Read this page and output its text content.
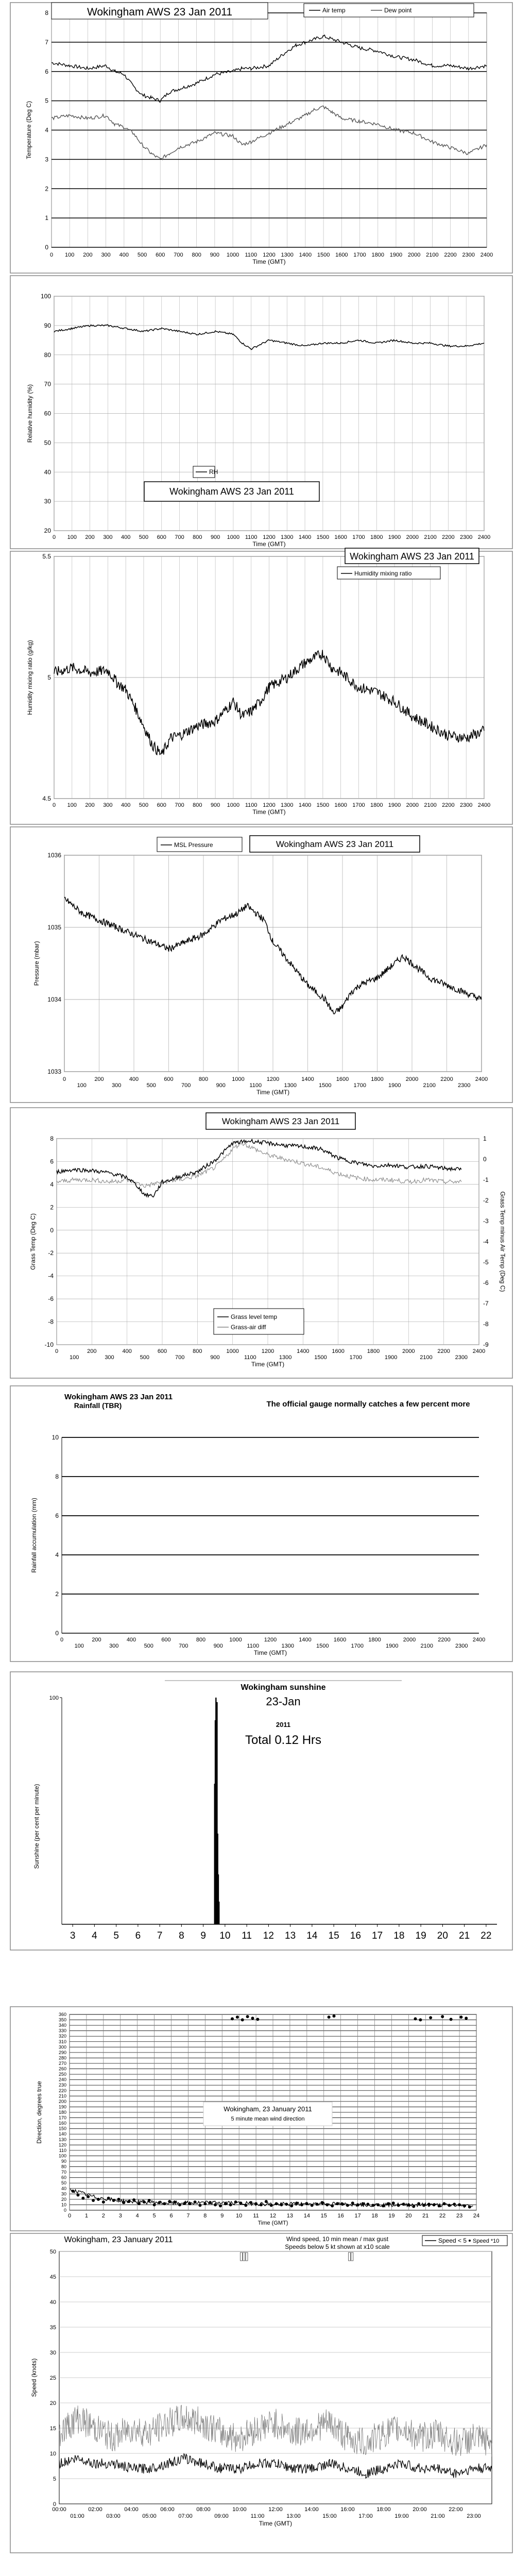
Wokingham AWS 23 Jan 2011	Air temp	Dew point
0
1
2
3
4
5
6
7
8
0 100 200 300 400 500 600 700 800 900 1000 1100 1200 1300 1400 1500 1600 1700 1800 1900 2000 2100 2200 2300 2400
Time (GMT)
Temperature (Deg C)
RH
Wokingham AWS 23 Jan 2011
20
30
40
50
60
70
80
90
100
0 100 200 300 400 500 600 700 800 900 1000 1100 1200 1300 1400 1500 1600 1700 1800 1900 2000 2100 2200 2300 2400
Time (GMT)
Relative humidity (%)
Wokingham AWS 23 Jan 2011
Humidity mixing ratio
4.5
5
5.5
0 100 200 300 400 500 600 700 800 900 1000 1100 1200 1300 1400 1500 1600 1700 1800 1900 2000 2100 2200 2300 2400
Time (GMT)
Humidity mixing ratio (g/kg)
MSL Pressure	Wokingham AWS 23 Jan 2011
1033
1034
1035
1036
0	200	400	600	800	1000	1200	1400	1600	1800	2000	2200	2400
100	300	500	700	900	1100	1300	1500	1700	1900	2100	2300
Time (GMT)
Pressure (mbar)
Wokingham AWS 23 Jan 2011
Grass level temp
Grass-air diff
-10
-8
-6
-4
-2
0
2
4
6
8
-9
-8
-7
-6
-5
-4
-3
-2
-1
0
1
0	200	400	600	800	1000	1200	1400	1600	1800	2000	2200	2400
100	300	500	700	900	1100	1300	1500	1700	1900	2100	2300
Time (GMT)
Grass Temp (Deg C)	Grass Temp minus Air Temp (Deg C)
Wokingham AWS 23 Jan 2011
Rainfall (TBR)	The official gauge normally catches a few percent more
0
2
4
6
8
10
0	200	400	600	800	1000	1200	1400	1600	1800	2000	2200	2400
100	300	500	700	900	1100	1300	1500	1700	1900	2100	2300
Time (GMT)
Rainfall accumulation (mm)
100
Wokingham sunshine
23-Jan
2011
Total 0.12 Hrs
3 4 5 6 7 8 9 10 11 12 13 14 15 16 17 18 19 20 21 22
Sunshine (per cent per minute)
Wokingham, 23 January 2011
5 minute mean wind direction
0
10
20
30
40
50
60
70
80
90
100
110
120
130
140
150
160
170
180
190
200
210
220
230
240
250
260
270
280
290
300
310
320
330
340
350
360
0 1 2 3 4 5 6 7 8 9 10 11 12 13 14 15 16 17 18 19 20 21 22 23 24
Time (GMT)
Direction, degrees true
Wokingham, 23 January 2011	Wind speed, 10 min mean / max gust
Speeds below 5 kt shown at x10 scale
Speed < 5 Speed *10
0
5
10
15
20
25
30
35
40
45
50
00:00	02:00	04:00	06:00	08:00	10:00	12:00	14:00	16:00	18:00	20:00	22:00
01:00	03:00	05:00	07:00	09:00	11:00	13:00	15:00	17:00	19:00	21:00	23:00
Time (GMT)
Speed (knots)
